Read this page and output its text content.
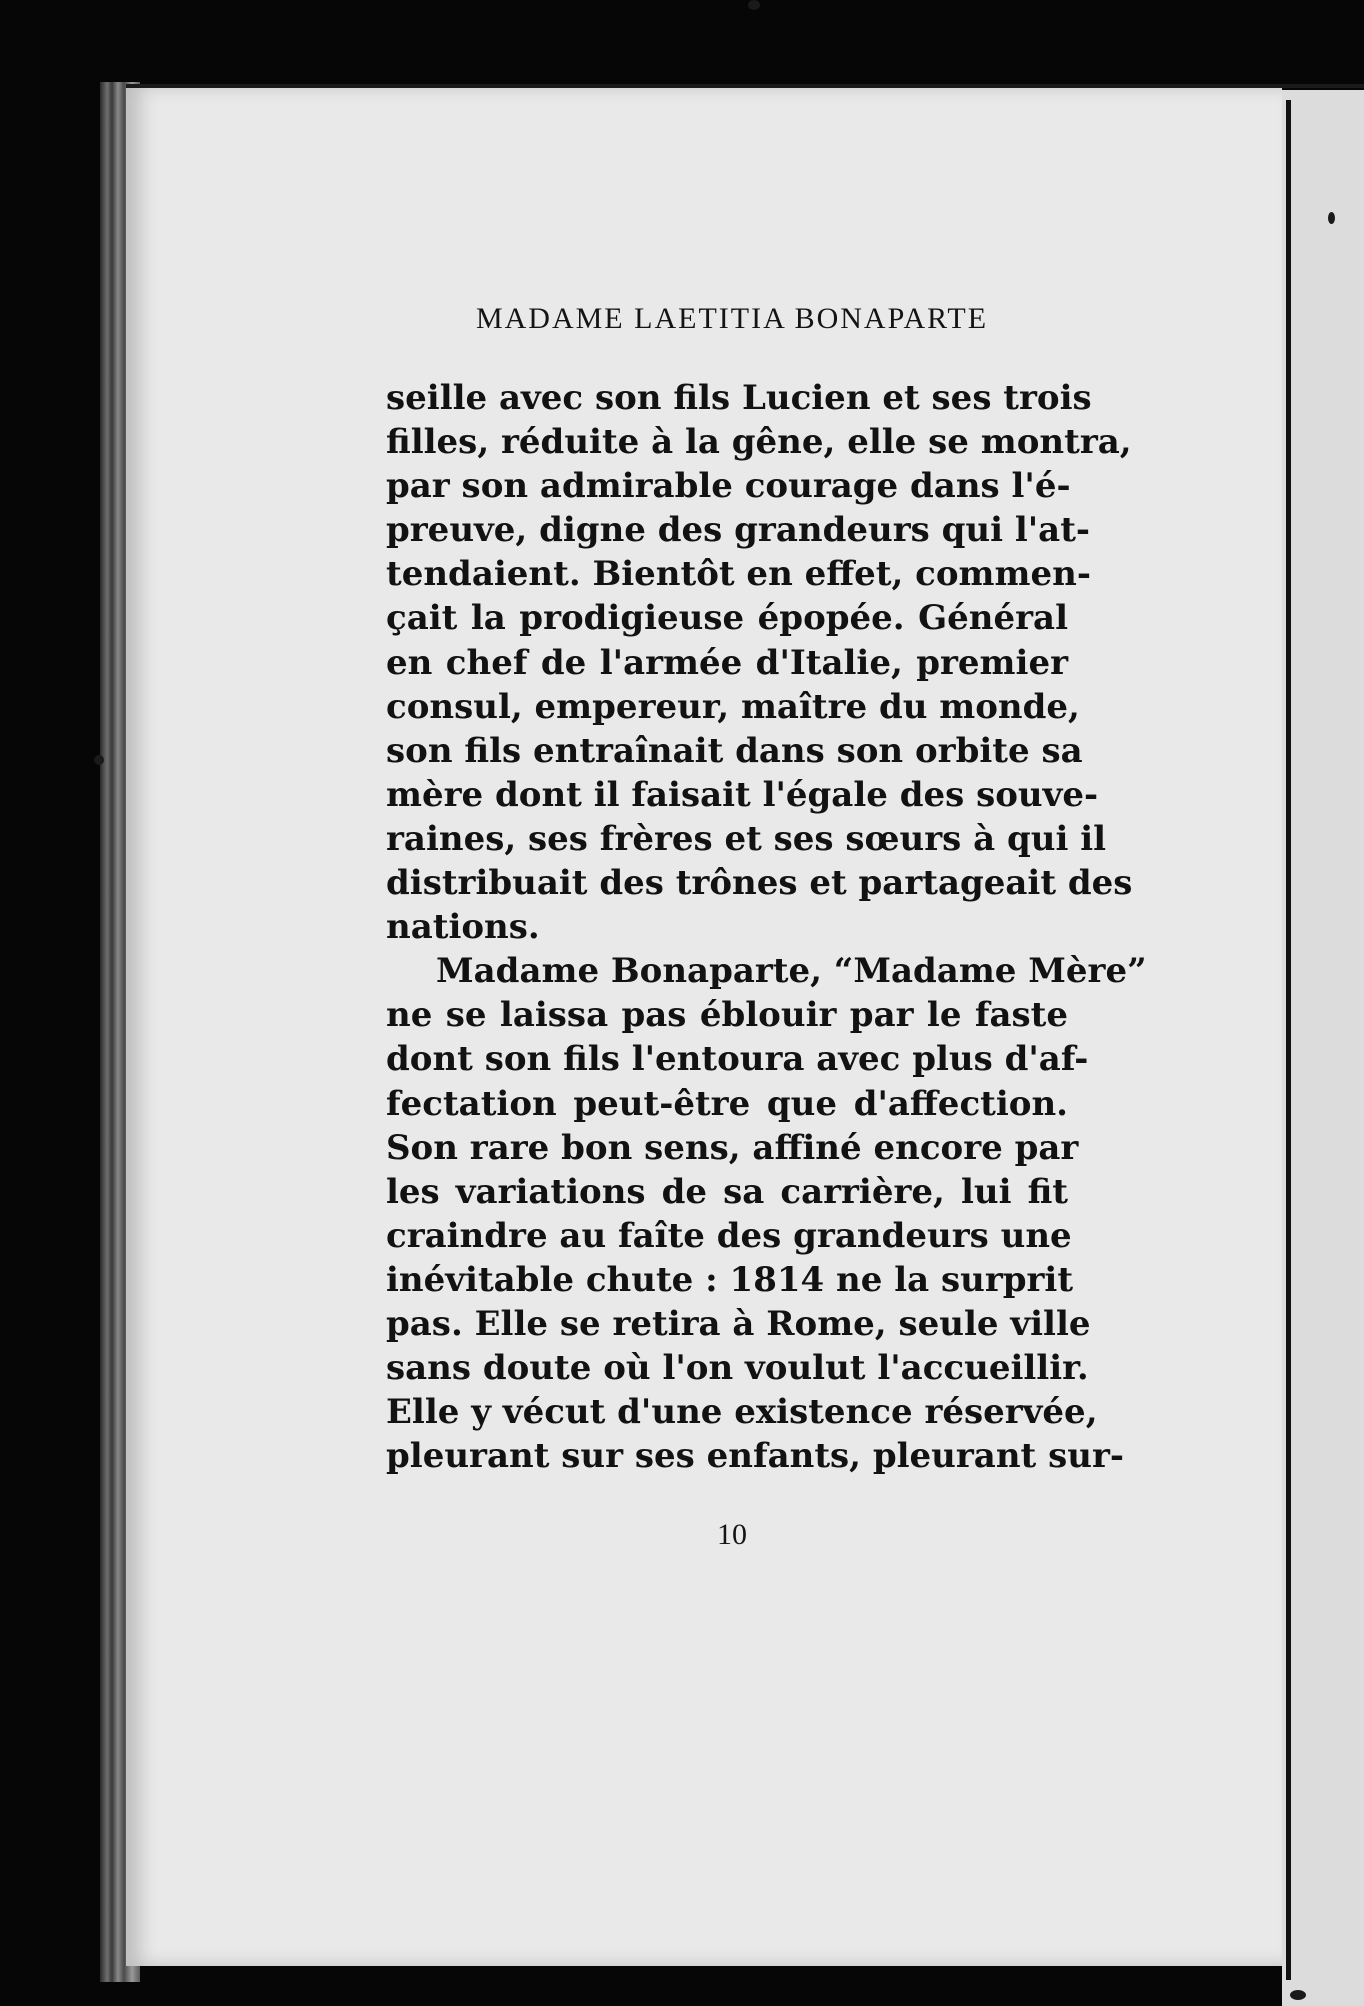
MADAME LAETITIA BONAPARTE
seille avec son fils Lucien et ses trois
filles, réduite à la gêne, elle se montra,
par son admirable courage dans l'é-
preuve, digne des grandeurs qui l'at-
tendaient. Bientôt en effet, commen-
çait la prodigieuse épopée. Général
en chef de l'armée d'Italie, premier
consul, empereur, maître du monde,
son fils entraînait dans son orbite sa
mère dont il faisait l'égale des souve-
raines, ses frères et ses sœurs à qui il
distribuait des trônes et partageait des
nations.
Madame Bonaparte, “Madame Mère”
ne se laissa pas éblouir par le faste
dont son fils l'entoura avec plus d'af-
fectation peut-être que d'affection.
Son rare bon sens, affiné encore par
les variations de sa carrière, lui fit
craindre au faîte des grandeurs une
inévitable chute : 1814 ne la surprit
pas. Elle se retira à Rome, seule ville
sans doute où l'on voulut l'accueillir.
Elle y vécut d'une existence réservée,
pleurant sur ses enfants, pleurant sur-
10
